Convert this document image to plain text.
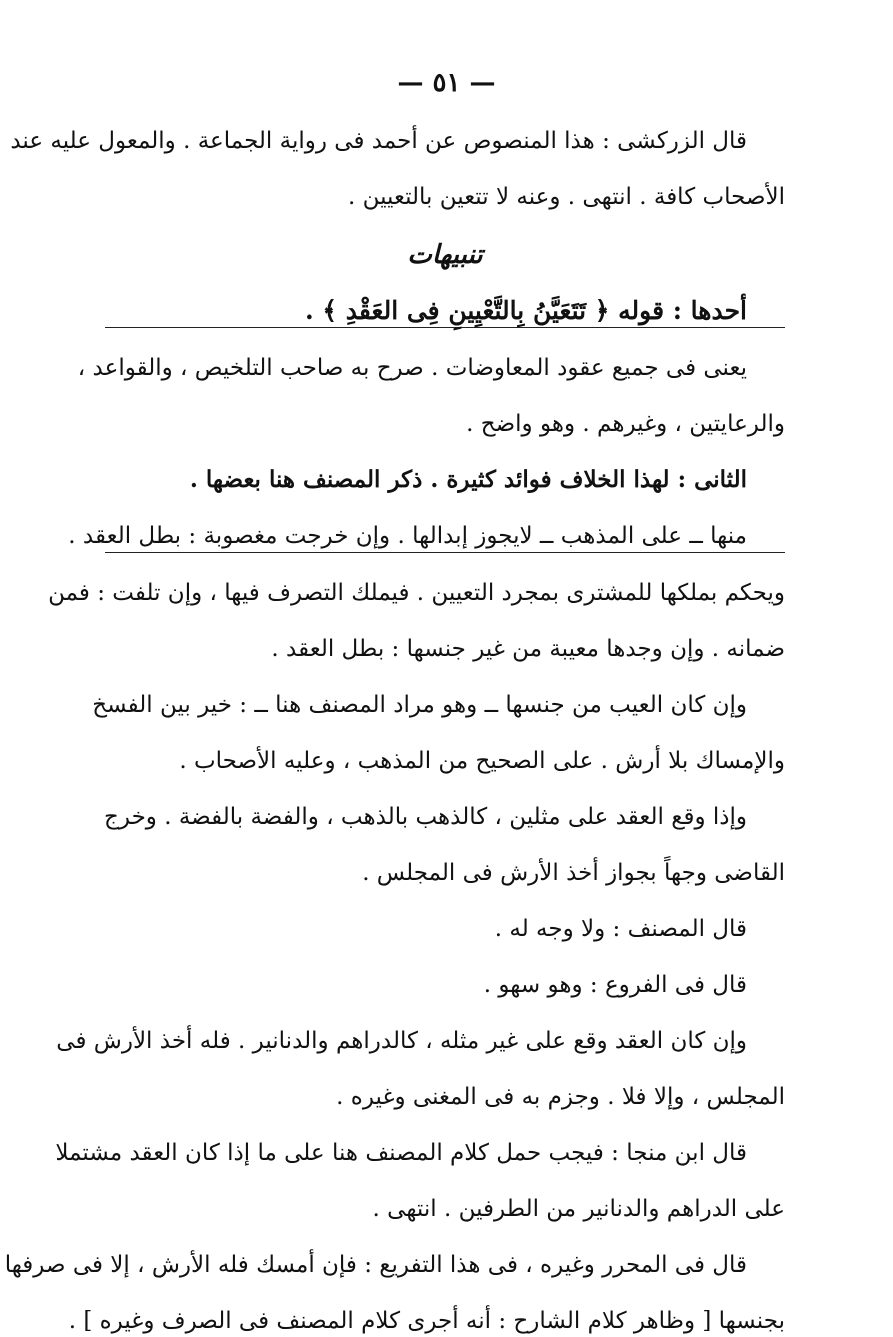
— ٥١ —
قال الزركشى : هذا المنصوص عن أحمد فى رواية الجماعة . والمعول عليه عند
الأصحاب كافة . انتهى . وعنه لا تتعين بالتعيين .
تنبيهات
أحدها : قوله ﴿ تَتَعَيَّنُ بِالتَّعْيِينِ فِى العَقْدِ ﴾ .
يعنى فى جميع عقود المعاوضات . صرح به صاحب التلخيص ، والقواعد ،
والرعايتين ، وغيرهم . وهو واضح .
الثانى : لهذا الخلاف فوائد كثيرة . ذكر المصنف هنا بعضها .
منها ــ على المذهب ــ لايجوز إبدالها . وإن خرجت مغصوبة : بطل العقد .
ويحكم بملكها للمشترى بمجرد التعيين . فيملك التصرف فيها ، وإن تلفت : فمن
ضمانه . وإن وجدها معيبة من غير جنسها : بطل العقد .
وإن كان العيب من جنسها ــ وهو مراد المصنف هنا ــ : خير بين الفسخ
والإمساك بلا أرش . على الصحيح من المذهب ، وعليه الأصحاب .
وإذا وقع العقد على مثلين ، كالذهب بالذهب ، والفضة بالفضة . وخرج
القاضى وجهاً بجواز أخذ الأرش فى المجلس .
قال المصنف : ولا وجه له .
قال فى الفروع : وهو سهو .
وإن كان العقد وقع على غير مثله ، كالدراهم والدنانير . فله أخذ الأرش فى
المجلس ، وإلا فلا . وجزم به فى المغنى وغيره .
قال ابن منجا : فيجب حمل كلام المصنف هنا على ما إذا كان العقد مشتملا
على الدراهم والدنانير من الطرفين . انتهى .
قال فى المحرر وغيره ، فى هذا التفريع : فإن أمسك فله الأرش ، إلا فى صرفها
بجنسها [ وظاهر كلام الشارح : أنه أجرى كلام المصنف فى الصرف وغيره ] .
